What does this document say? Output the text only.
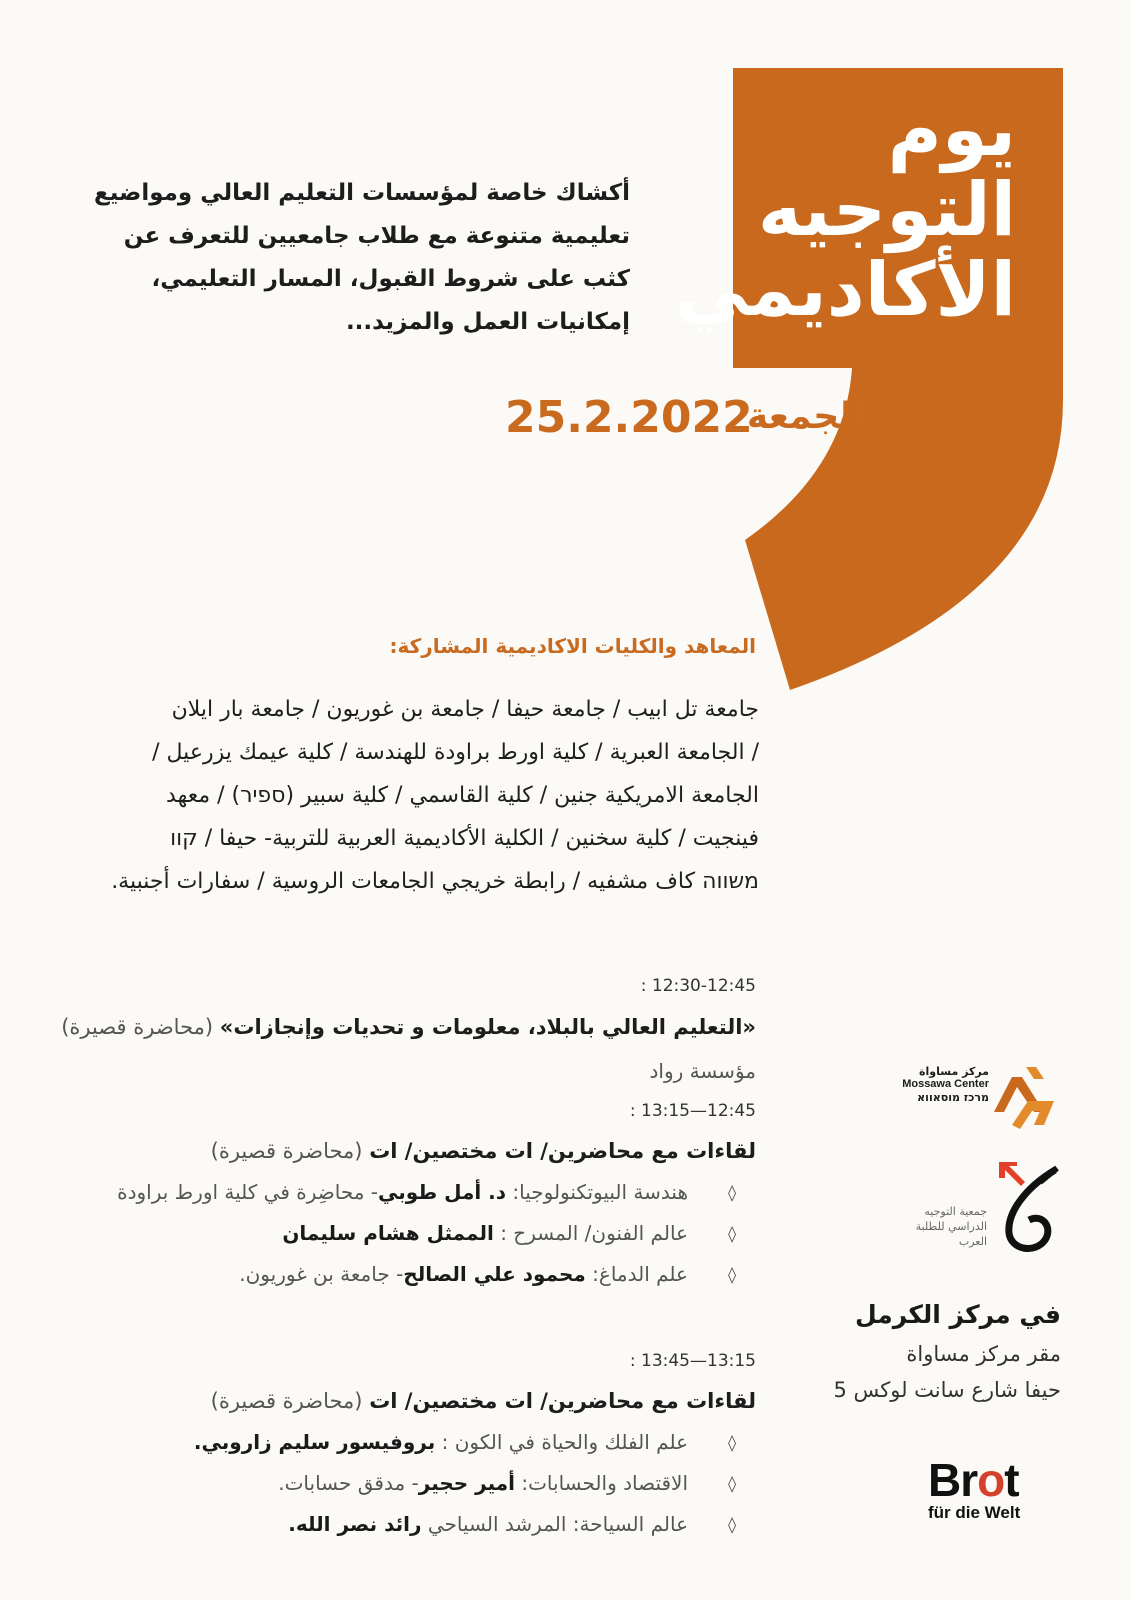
يوم
التوجيه
الأكاديمي
أكشاك خاصة لمؤسسات التعليم العالي ومواضيع تعليمية متنوعة مع طلاب جامعيين للتعرف عن كثب على شروط القبول، المسار التعليمي، إمكانيات العمل والمزيد...
الجمعة
25.2.2022
المعاهد والكليات الاكاديمية المشاركة:
جامعة تل ابيب / جامعة حيفا / جامعة بن غوريون / جامعة بار ايلان
/ الجامعة العبرية / كلية اورط براودة للهندسة / كلية عيمك يزرعيل /
الجامعة الامريكية جنين / كلية القاسمي / كلية سبير (ספיר) / معهد
فينجيت / كلية سخنين / الكلية الأكاديمية العربية للتربية- حيفا / קוו
משווה كاف مشفيه / رابطة خريجي الجامعات الروسية / سفارات أجنبية.
12:30-12:45 :
«التعليم العالي بالبلاد، معلومات و تحديات وإنجازات» (محاضرة قصيرة)
مؤسسة رواد
12:45—13:15 :
لقاءات مع محاضرين/ ات مختصين/ ات (محاضرة قصيرة)
◊
هندسة البيوتكنولوجيا: د. أمل طوبي- محاضِرة في كلية اورط براودة
◊
عالم الفنون/ المسرح : الممثل هشام سليمان
◊
علم الدماغ: محمود علي الصالح- جامعة بن غوريون.
13:15—13:45 :
لقاءات مع محاضرين/ ات مختصين/ ات (محاضرة قصيرة)
◊
علم الفلك والحياة في الكون : بروفيسور سليم زاروبي.
◊
الاقتصاد والحسابات: أمير حجير- مدقق حسابات.
◊
عالم السياحة: المرشد السياحي رائد نصر الله.
مركز مساواة
Mossawa Center
מרכז מוסאווא
جمعية التوجيه
الدراسي للطلبة
العرب
في مركز الكرمل
مقر مركز مساواة
حيفا شارع سانت لوكس 5
Brot
für die Welt
